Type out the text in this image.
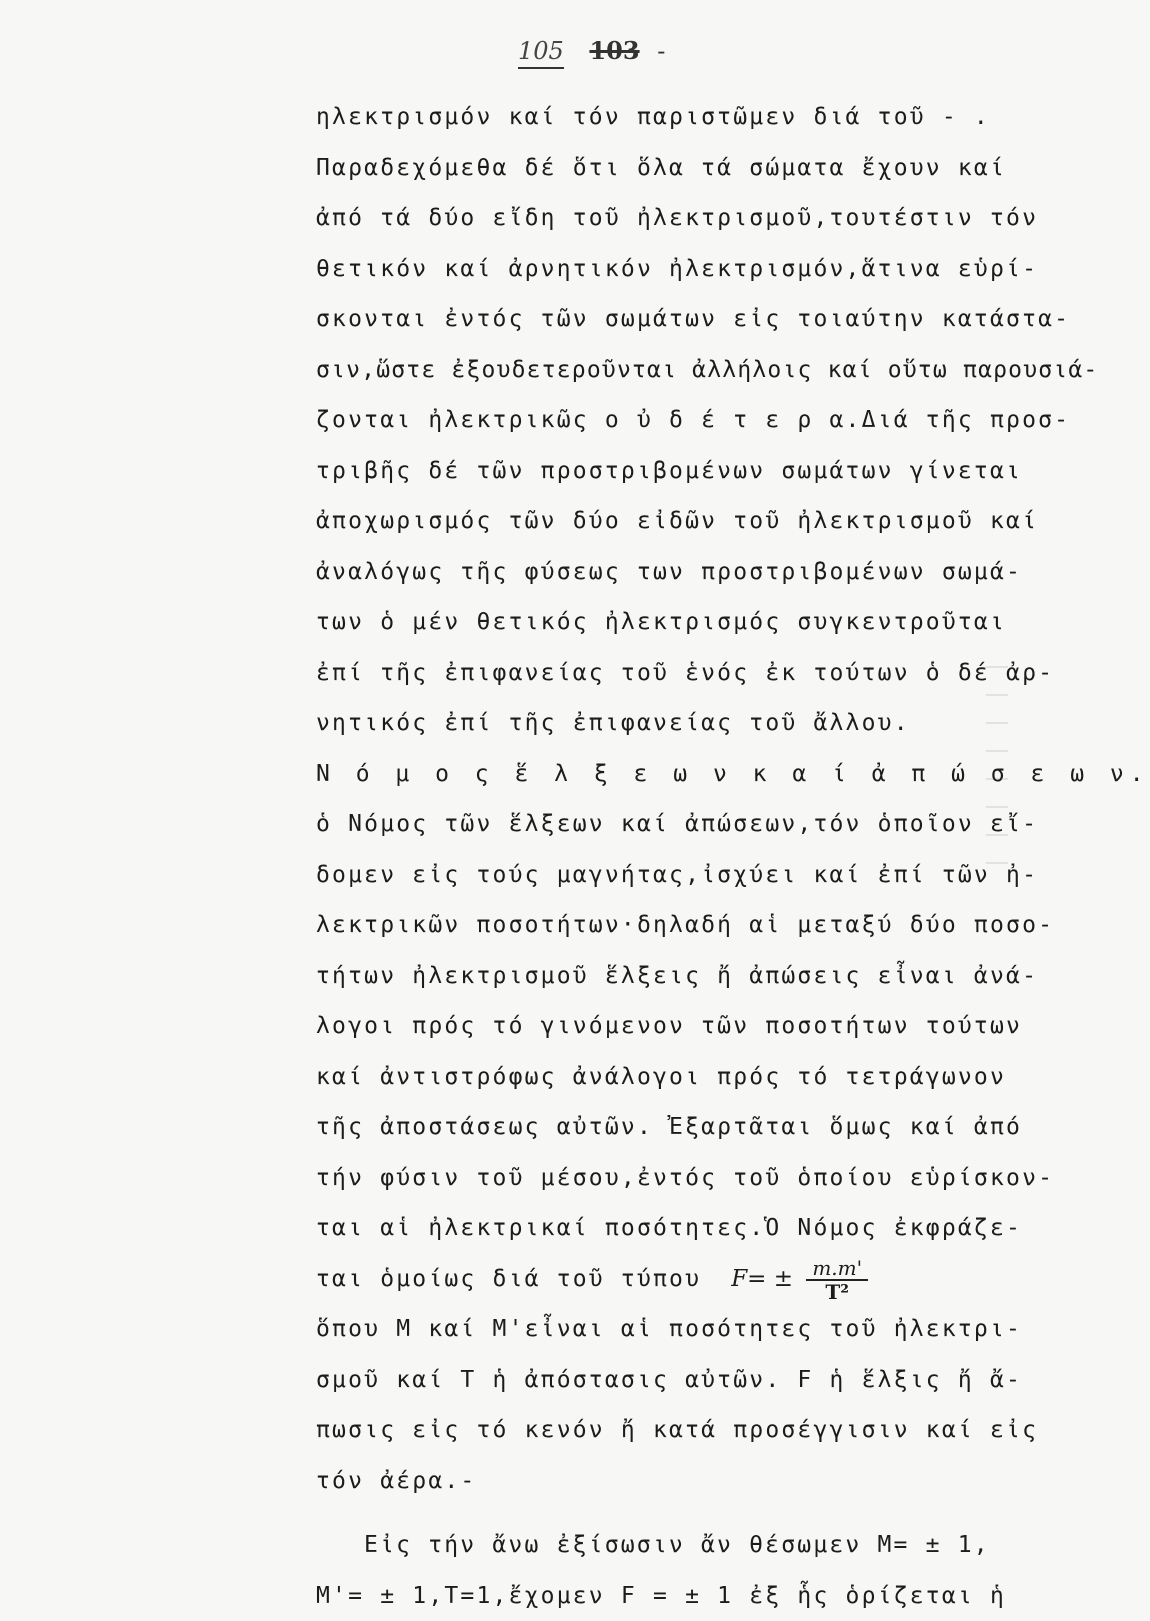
105 103 -
ηλεκτρισμόν καί τόν παριστῶμεν διά τοῦ - .
Παραδεχόμεθα δέ ὅτι ὅλα τά σώματα ἔχουν καί
ἀπό τά δύο εἴδη τοῦ ἠλεκτρισμοῦ,τουτέστιν τόν
θετικόν καί ἀρνητικόν ἠλεκτρισμόν,ἅτινα εὑρί-
σκονται ἐντός τῶν σωμάτων εἰς τοιαύτην κατάστα-
σιν,ὥστε ἐξουδετεροῦνται ἀλλήλοις καί οὕτω παρουσιά-
ζονται ἠλεκτρικῶς ο ὐ δ έ τ ε ρ α.Διά τῆς προσ-
τριβῆς δέ τῶν προστριβομένων σωμάτων γίνεται
ἀποχωρισμός τῶν δύο εἰδῶν τοῦ ἠλεκτρισμοῦ καί
ἀναλόγως τῆς φύσεως των προστριβομένων σωμά-
των ὁ μέν θετικός ἠλεκτρισμός συγκεντροῦται
ἐπί τῆς ἐπιφανείας τοῦ ἑνός ἐκ τούτων ὁ δέ ἀρ-
νητικός ἐπί τῆς ἐπιφανείας τοῦ ἄλλου.
Ν ό μ ο ς ἕ λ ξ ε ω ν κ α ί ἀ π ώ σ ε ω ν.
ὁ Νόμος τῶν ἕλξεων καί ἀπώσεων,τόν ὁποῖον εἴ-
δομεν εἰς τούς μαγνήτας,ἰσχύει καί ἐπί τῶν ἠ-
λεκτρικῶν ποσοτήτων·δηλαδή αἱ μεταξύ δύο ποσο-
τήτων ἠλεκτρισμοῦ ἕλξεις ἤ ἀπώσεις εἶναι ἀνά-
λογοι πρός τό γινόμενον τῶν ποσοτήτων τούτων
καί ἀντιστρόφως ἀνάλογοι πρός τό τετράγωνον
τῆς ἀποστάσεως αὐτῶν. Ἐξαρτᾶται ὅμως καί ἀπό
τήν φύσιν τοῦ μέσου,ἐντός τοῦ ὁποίου εὑρίσκον-
ται αἱ ἠλεκτρικαί ποσότητες.Ὁ Νόμος ἐκφράζε-
ται ὁμοίως διά τοῦ τύπου $F= \pm \frac{m.m'}{\text{T²}}$
ὅπου Μ καί Μ'εἶναι αἱ ποσότητες τοῦ ἠλεκτρι-
σμοῦ καί Τ ἡ ἀπόστασις αὐτῶν. F ἡ ἕλξις ἤ ἄ-
πωσις εἰς τό κενόν ἤ κατά προσέγγισιν καί εἰς
τόν ἀέρα.-
Εἰς τήν ἄνω ἐξίσωσιν ἄν θέσωμεν Μ= ± 1,
Μ'= ± 1,Τ=1,ἔχομεν F = ± 1 ἐξ ἧς ὁρίζεται ἡ
